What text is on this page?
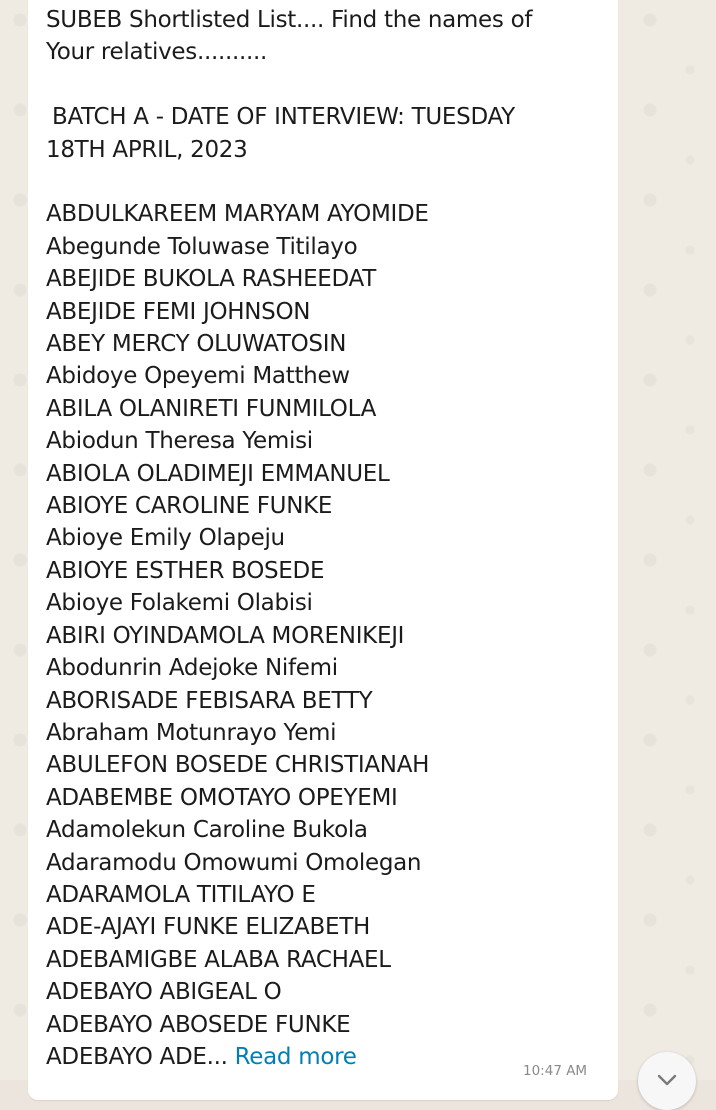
SUBEB Shortlisted List.... Find the names of

Your relatives..........

BATCH A - DATE OF INTERVIEW: TUESDAY

18TH APRIL, 2023

ABDULKAREEM MARYAM AYOMIDE

Abegunde Toluwase Titilayo

ABEJIDE BUKOLA RASHEEDAT

ABEJIDE FEMI JOHNSON

ABEY MERCY OLUWATOSIN

Abidoye Opeyemi Matthew

ABILA OLANIRETI FUNMILOLA

Abiodun Theresa Yemisi

ABIOLA OLADIMEJI EMMANUEL

ABIOYE CAROLINE FUNKE

Abioye Emily Olapeju

ABIOYE ESTHER BOSEDE

Abioye Folakemi Olabisi

ABIRI OYINDAMOLA MORENIKEJI

Abodunrin Adejoke Nifemi

ABORISADE FEBISARA BETTY

Abraham Motunrayo Yemi

ABULEFON BOSEDE CHRISTIANAH

ADABEMBE OMOTAYO OPEYEMI

Adamolekun Caroline Bukola

Adaramodu Omowumi Omolegan

ADARAMOLA TITILAYO E

ADE-AJAYI FUNKE ELIZABETH

ADEBAMIGBE ALABA RACHAEL

ADEBAYO ABIGEAL O

ADEBAYO ABOSEDE FUNKE

ADEBAYO ADE... Read more

10:47 AM
